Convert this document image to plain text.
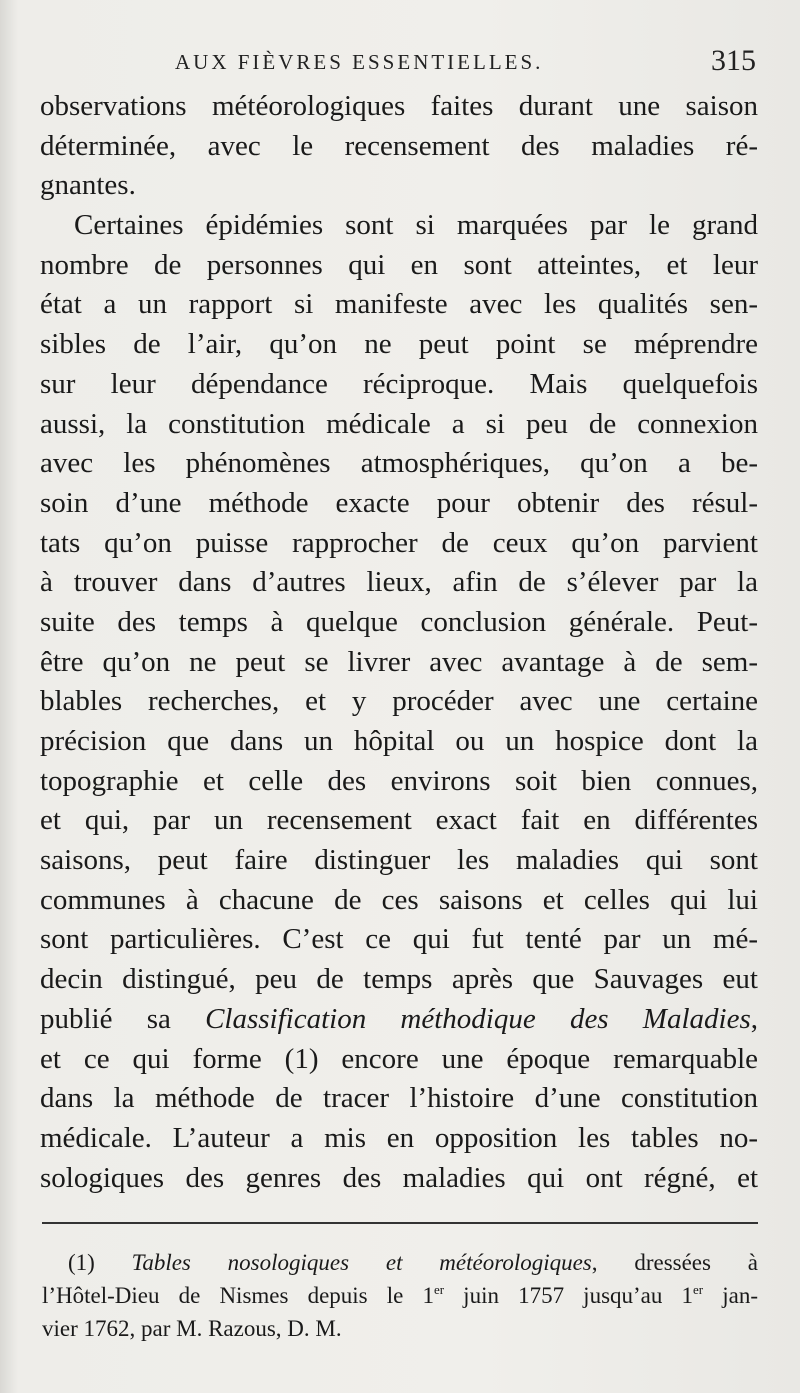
AUX FIÈVRES ESSENTIELLES.	315
observations météorologiques faites durant une saison
déterminée, avec le recensement des maladies ré-
gnantes.
Certaines épidémies sont si marquées par le grand
nombre de personnes qui en sont atteintes, et leur
état a un rapport si manifeste avec les qualités sen-
sibles de l’air, qu’on ne peut point se méprendre
sur leur dépendance réciproque. Mais quelquefois
aussi, la constitution médicale a si peu de connexion
avec les phénomènes atmosphériques, qu’on a be-
soin d’une méthode exacte pour obtenir des résul-
tats qu’on puisse rapprocher de ceux qu’on parvient
à trouver dans d’autres lieux, afin de s’élever par la
suite des temps à quelque conclusion générale. Peut-
être qu’on ne peut se livrer avec avantage à de sem-
blables recherches, et y procéder avec une certaine
précision que dans un hôpital ou un hospice dont la
topographie et celle des environs soit bien connues,
et qui, par un recensement exact fait en différentes
saisons, peut faire distinguer les maladies qui sont
communes à chacune de ces saisons et celles qui lui
sont particulières. C’est ce qui fut tenté par un mé-
decin distingué, peu de temps après que Sauvages eut
publié sa Classification méthodique des Maladies,
et ce qui forme (1) encore une époque remarquable
dans la méthode de tracer l’histoire d’une constitution
médicale. L’auteur a mis en opposition les tables no-
sologiques des genres des maladies qui ont régné, et
(1) Tables nosologiques et météorologiques, dressées à
l’Hôtel-Dieu de Nismes depuis le 1er juin 1757 jusqu’au 1er jan-
vier 1762, par M. Razous, D. M.
